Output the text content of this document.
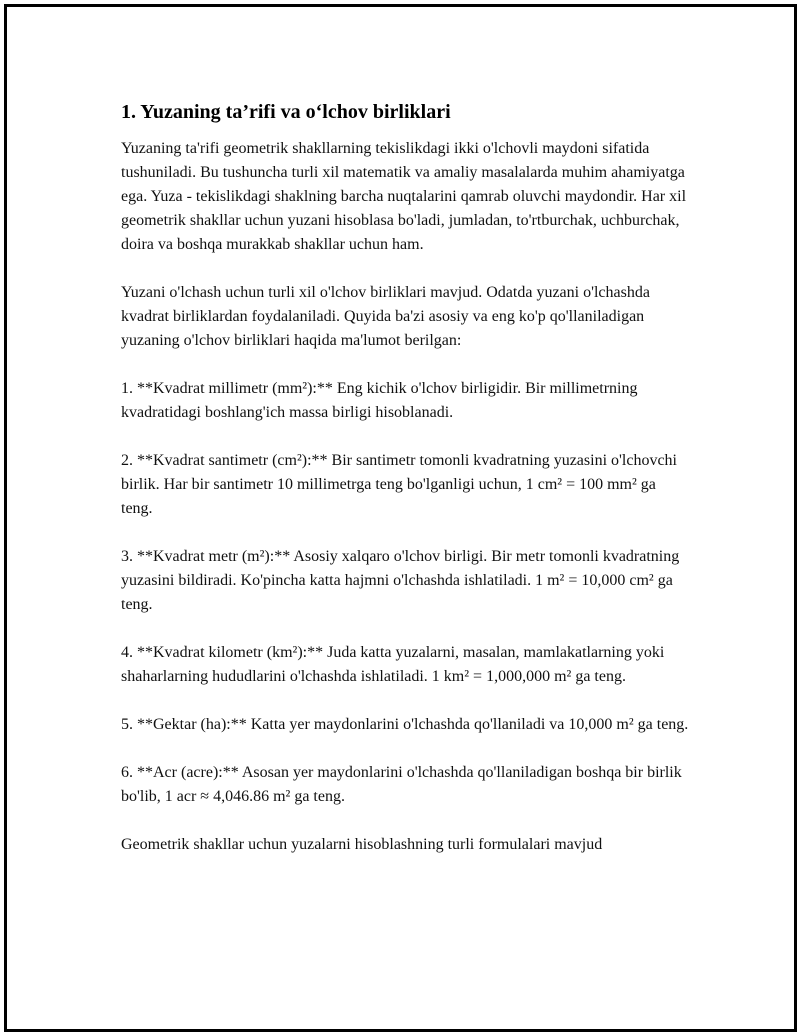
1. Yuzaning ta’rifi va o‘lchov birliklari

Yuzaning ta'rifi geometrik shakllarning tekislikdagi ikki o'lchovli maydoni sifatida tushuniladi. Bu tushuncha turli xil matematik va amaliy masalalarda muhim ahamiyatga ega. Yuza - tekislikdagi shaklning barcha nuqtalarini qamrab oluvchi maydondir. Har xil geometrik shakllar uchun yuzani hisoblasa bo'ladi, jumladan, to'rtburchak, uchburchak, doira va boshqa murakkab shakllar uchun ham.

Yuzani o'lchash uchun turli xil o'lchov birliklari mavjud. Odatda yuzani o'lchashda kvadrat birliklardan foydalaniladi. Quyida ba'zi asosiy va eng ko'p qo'llaniladigan yuzaning o'lchov birliklari haqida ma'lumot berilgan:

1. **Kvadrat millimetr (mm²):** Eng kichik o'lchov birligidir. Bir millimetrning kvadratidagi boshlang'ich massa birligi hisoblanadi.

2. **Kvadrat santimetr (cm²):** Bir santimetr tomonli kvadratning yuzasini o'lchovchi birlik. Har bir santimetr 10 millimetrga teng bo'lganligi uchun, 1 cm² = 100 mm² ga teng.

3. **Kvadrat metr (m²):** Asosiy xalqaro o'lchov birligi. Bir metr tomonli kvadratning yuzasini bildiradi. Ko'pincha katta hajmni o'lchashda ishlatiladi. 1 m² = 10,000 cm² ga teng.

4. **Kvadrat kilometr (km²):** Juda katta yuzalarni, masalan, mamlakatlarning yoki shaharlarning hududlarini o'lchashda ishlatiladi. 1 km² = 1,000,000 m² ga teng.

5. **Gektar (ha):** Katta yer maydonlarini o'lchashda qo'llaniladi va 10,000 m² ga teng.

6. **Acr (acre):** Asosan yer maydonlarini o'lchashda qo'llaniladigan boshqa bir birlik bo'lib, 1 acr ≈ 4,046.86 m² ga teng.

Geometrik shakllar uchun yuzalarni hisoblashning turli formulalari mavjud
